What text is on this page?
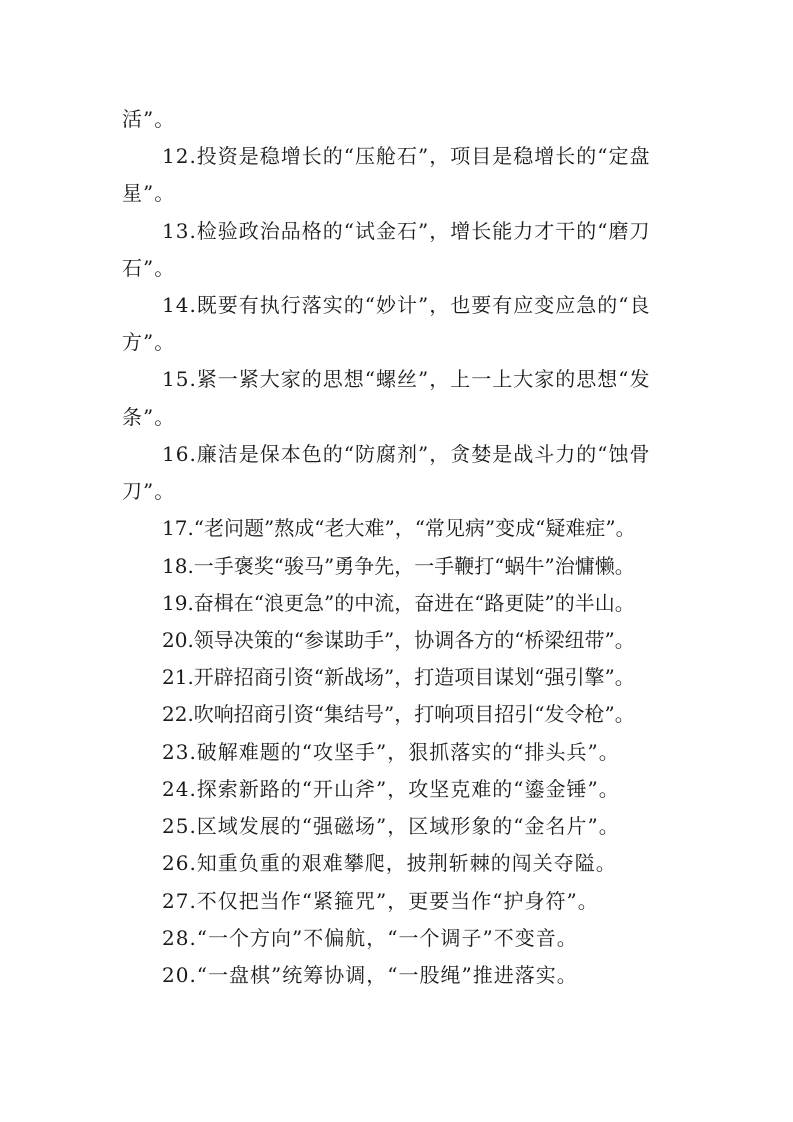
活”。
12.投资是稳增长的“压舱石”，项目是稳增长的“定盘
星”。
13.检验政治品格的“试金石”，增长能力才干的“磨刀
石”。
14.既要有执行落实的“妙计”，也要有应变应急的“良
方”。
15.紧一紧大家的思想“螺丝”，上一上大家的思想“发
条”。
16.廉洁是保本色的“防腐剂”，贪婪是战斗力的“蚀骨
刀”。
17.“老问题”熬成“老大难”，“常见病”变成“疑难症”。
18.一手褒奖“骏马”勇争先，一手鞭打“蜗牛”治慵懒。
19.奋楫在“浪更急”的中流，奋进在“路更陡”的半山。
20.领导决策的“参谋助手”，协调各方的“桥梁纽带”。
21.开辟招商引资“新战场”，打造项目谋划“强引擎”。
22.吹响招商引资“集结号”，打响项目招引“发令枪”。
23.破解难题的“攻坚手”，狠抓落实的“排头兵”。
24.探索新路的“开山斧”，攻坚克难的“鎏金锤”。
25.区域发展的“强磁场”，区域形象的“金名片”。
26.知重负重的艰难攀爬，披荆斩棘的闯关夺隘。
27.不仅把当作“紧箍咒”，更要当作“护身符”。
28.“一个方向”不偏航，“一个调子”不变音。
20.“一盘棋”统筹协调，“一股绳”推进落实。
